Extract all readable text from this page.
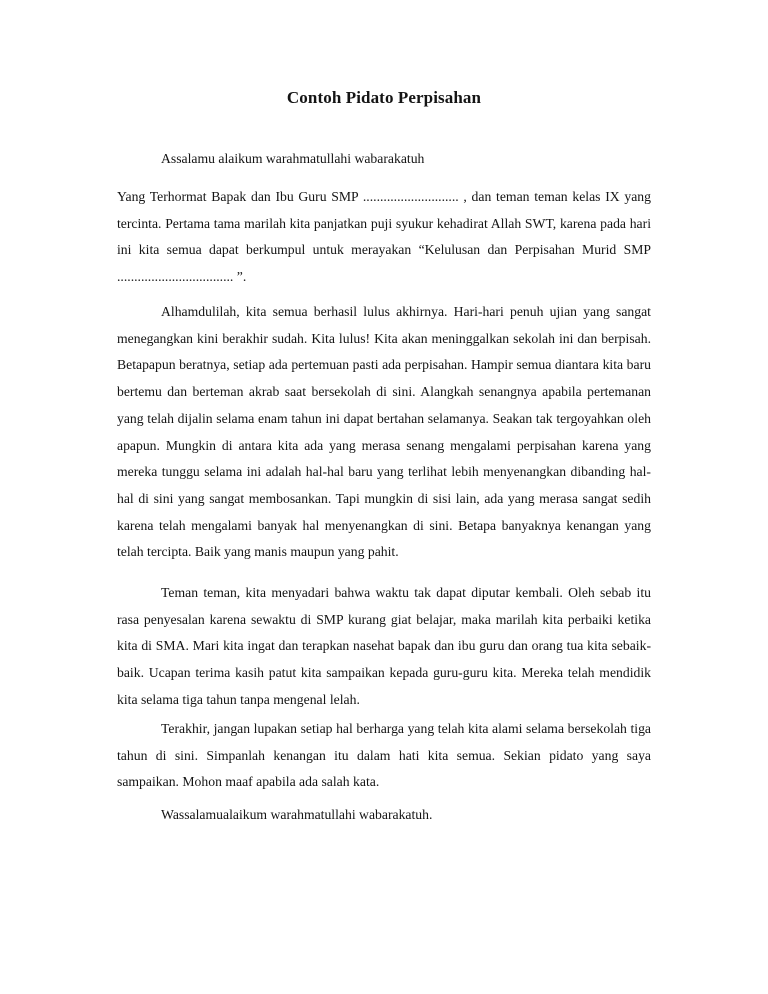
Contoh Pidato Perpisahan
Assalamu alaikum warahmatullahi wabarakatuh

Yang Terhormat Bapak dan Ibu Guru SMP ............................ , dan teman teman kelas IX yang tercinta. Pertama tama marilah kita panjatkan puji syukur kehadirat Allah SWT, karena pada hari ini kita semua dapat berkumpul untuk merayakan “Kelulusan dan Perpisahan Murid SMP .................................. ”.

Alhamdulilah, kita semua berhasil lulus akhirnya. Hari-hari penuh ujian yang sangat menegangkan kini berakhir sudah. Kita lulus! Kita akan meninggalkan sekolah ini dan berpisah. Betapapun beratnya, setiap ada pertemuan pasti ada perpisahan. Hampir semua diantara kita baru bertemu dan berteman akrab saat bersekolah di sini. Alangkah senangnya apabila pertemanan yang telah dijalin selama enam tahun ini dapat bertahan selamanya. Seakan tak tergoyahkan oleh apapun. Mungkin di antara kita ada yang merasa senang mengalami perpisahan karena yang mereka tunggu selama ini adalah hal-hal baru yang terlihat lebih menyenangkan dibanding hal-hal di sini yang sangat membosankan. Tapi mungkin di sisi lain, ada yang merasa sangat sedih karena telah mengalami banyak hal menyenangkan di sini. Betapa banyaknya kenangan yang telah tercipta. Baik yang manis maupun yang pahit.

Teman teman, kita menyadari bahwa waktu tak dapat diputar kembali. Oleh sebab itu rasa penyesalan karena sewaktu di SMP kurang giat belajar, maka marilah kita perbaiki ketika kita di SMA. Mari kita ingat dan terapkan nasehat bapak dan ibu guru dan orang tua kita sebaik-baik. Ucapan terima kasih patut kita sampaikan kepada guru-guru kita. Mereka telah mendidik kita selama tiga tahun tanpa mengenal lelah.

Terakhir, jangan lupakan setiap hal berharga yang telah kita alami selama bersekolah tiga tahun di sini. Simpanlah kenangan itu dalam hati kita semua. Sekian pidato yang saya sampaikan. Mohon maaf apabila ada salah kata.

Wassalamualaikum warahmatullahi wabarakatuh.
